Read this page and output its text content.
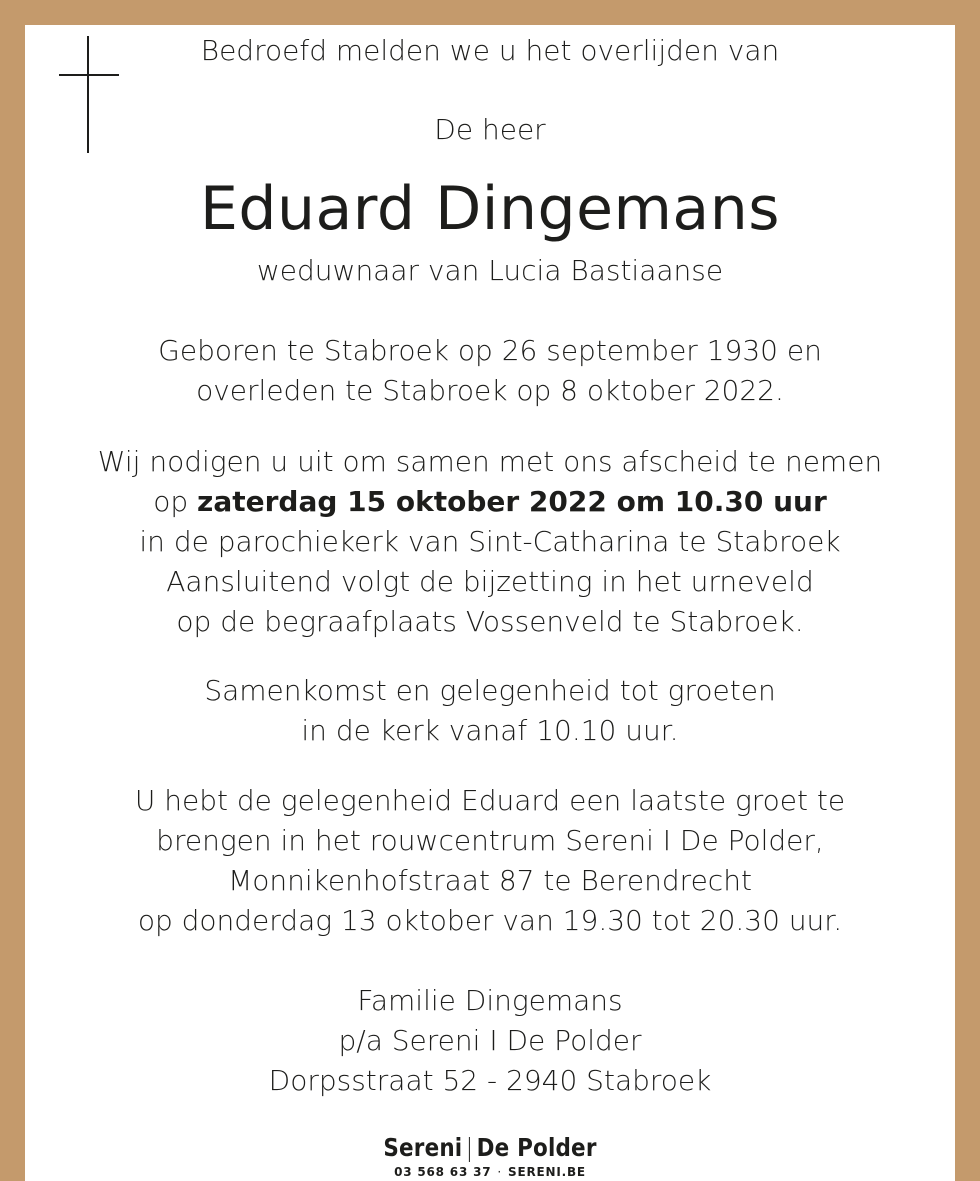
Bedroefd melden we u het overlijden van
De heer
Eduard Dingemans
weduwnaar van Lucia Bastiaanse
Geboren te Stabroek op 26 september 1930 en
overleden te Stabroek op 8 oktober 2022.
Wij nodigen u uit om samen met ons afscheid te nemen
op zaterdag 15 oktober 2022 om 10.30 uur
in de parochiekerk van Sint-Catharina te Stabroek
Aansluitend volgt de bijzetting in het urneveld
op de begraafplaats Vossenveld te Stabroek.
Samenkomst en gelegenheid tot groeten
in de kerk vanaf 10.10 uur.
U hebt de gelegenheid Eduard een laatste groet te
brengen in het rouwcentrum Sereni I De Polder,
Monnikenhofstraat 87 te Berendrecht
op donderdag 13 oktober van 19.30 tot 20.30 uur.
Familie Dingemans
p/a Sereni I De Polder
Dorpsstraat 52 - 2940 Stabroek
Sereni | De Polder
03 568 63 37 · SERENI.BE
